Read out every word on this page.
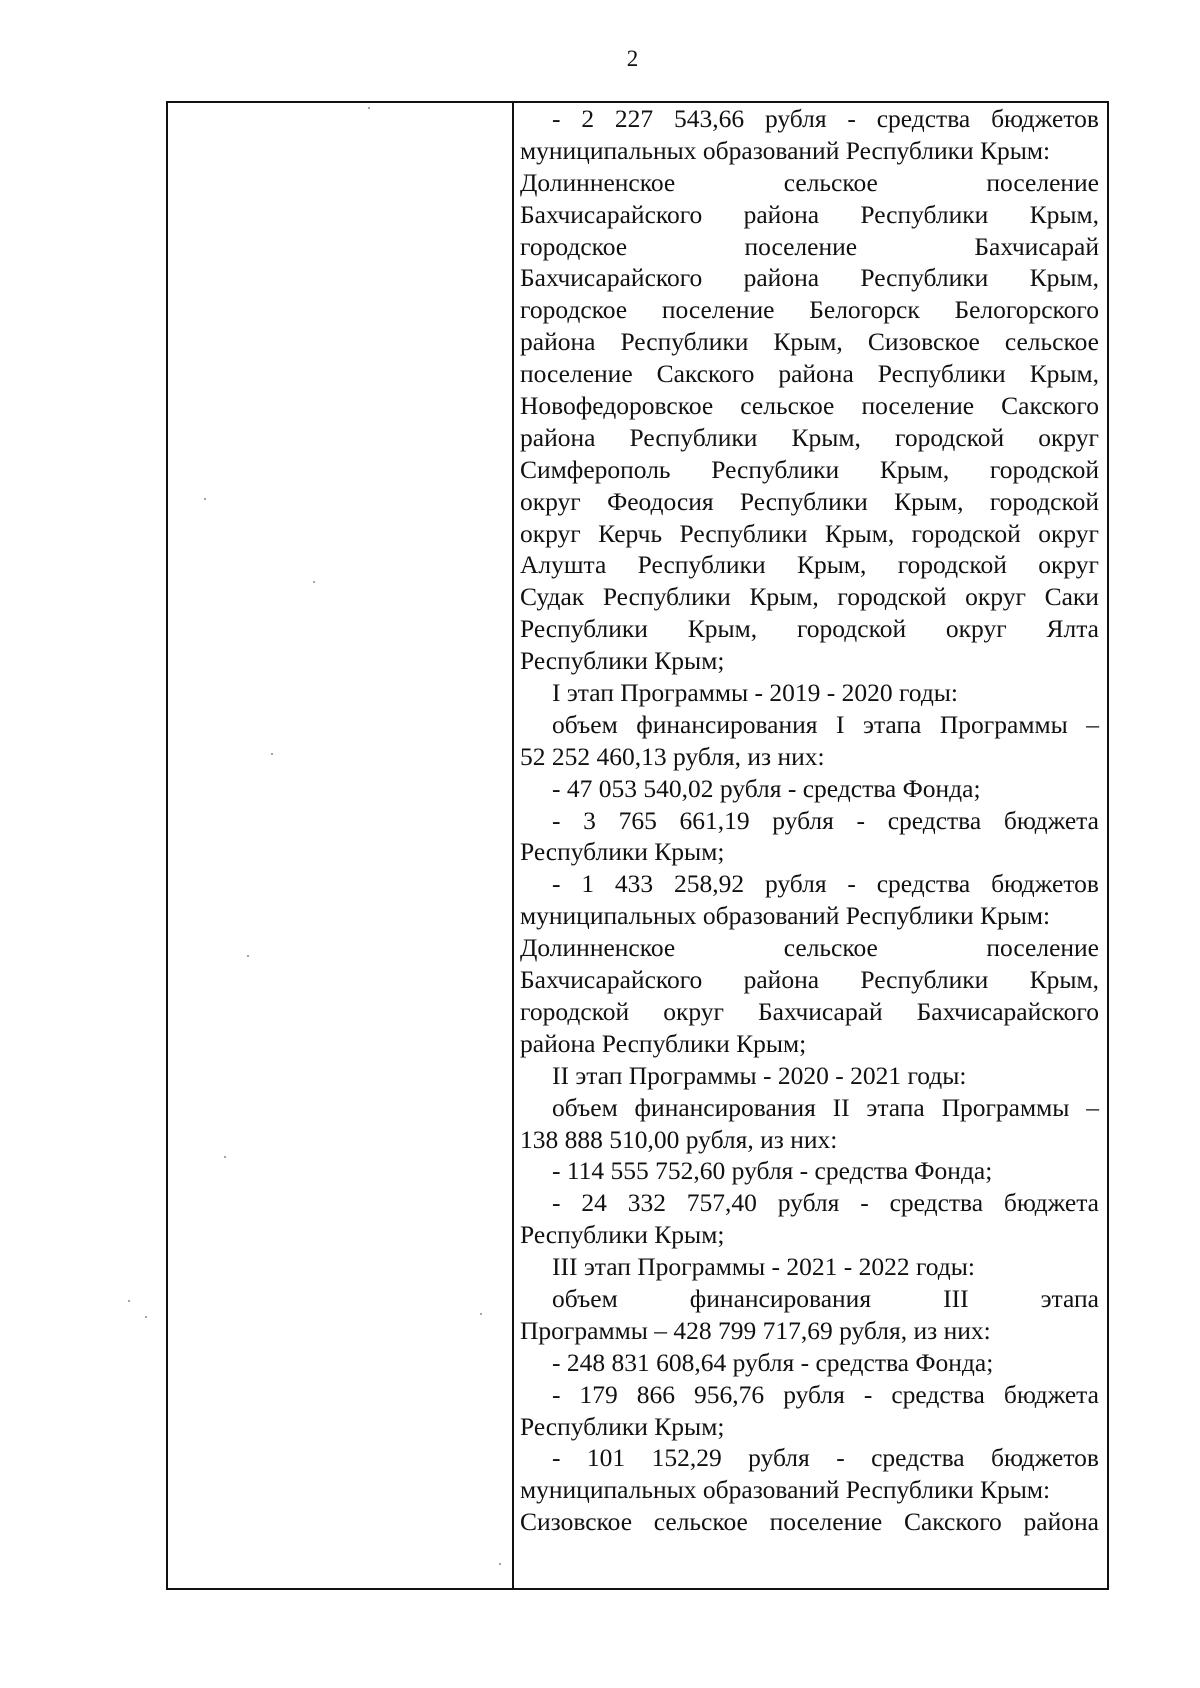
2
- 2 227 543,66 рубля - средства бюджетов
муниципальных образований Республики Крым:
Долинненское	сельское	поселение
Бахчисарайского района Республики Крым,
городское	поселение	Бахчисарай
Бахчисарайского района Республики Крым,
городское поселение Белогорск Белогорского
района Республики Крым, Сизовское сельское
поселение Сакского района Республики Крым,
Новофедоровское сельское поселение Сакского
района Республики Крым, городской округ
Симферополь Республики Крым, городской
округ Феодосия Республики Крым, городской
округ Керчь Республики Крым, городской округ
Алушта Республики Крым, городской округ
Судак Республики Крым, городской округ Саки
Республики Крым, городской округ Ялта
Республики Крым;
I этап Программы - 2019 - 2020 годы:
объем финансирования I этапа Программы –
52 252 460,13 рубля, из них:
- 47 053 540,02 рубля - средства Фонда;
- 3 765 661,19 рубля - средства бюджета
Республики Крым;
- 1 433 258,92 рубля - средства бюджетов
муниципальных образований Республики Крым:
Долинненское	сельское	поселение
Бахчисарайского района Республики Крым,
городской округ Бахчисарай Бахчисарайского
района Республики Крым;
II этап Программы - 2020 - 2021 годы:
объем финансирования II этапа Программы –
138 888 510,00 рубля, из них:
- 114 555 752,60 рубля - средства Фонда;
- 24 332 757,40 рубля - средства бюджета
Республики Крым;
III этап Программы - 2021 - 2022 годы:
объем	финансирования	III	этапа
Программы – 428 799 717,69 рубля, из них:
- 248 831 608,64 рубля - средства Фонда;
- 179 866 956,76 рубля - средства бюджета
Республики Крым;
- 101 152,29 рубля - средства бюджетов
муниципальных образований Республики Крым:
Сизовское сельское поселение Сакского района
